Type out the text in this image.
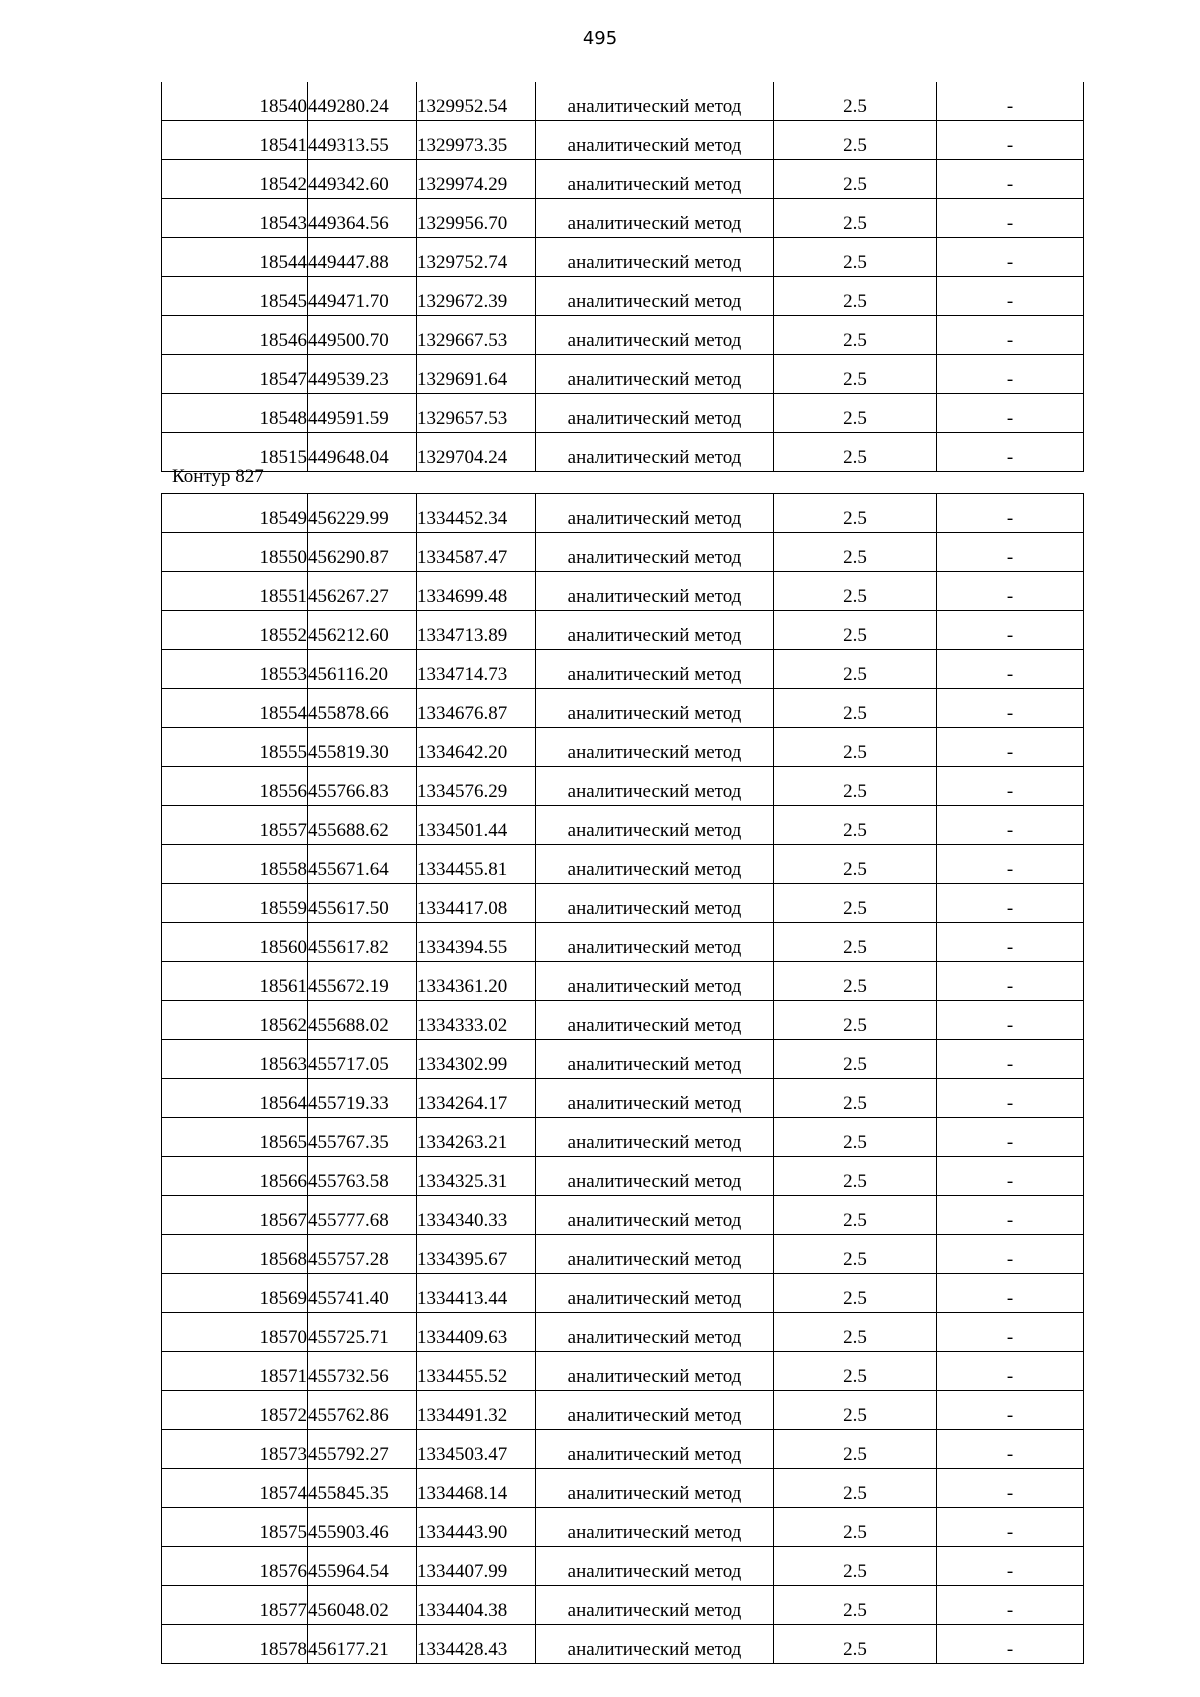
495
18540	449280.24	1329952.54	аналитический метод	2.5	-
18541	449313.55	1329973.35	аналитический метод	2.5	-
18542	449342.60	1329974.29	аналитический метод	2.5	-
18543	449364.56	1329956.70	аналитический метод	2.5	-
18544	449447.88	1329752.74	аналитический метод	2.5	-
18545	449471.70	1329672.39	аналитический метод	2.5	-
18546	449500.70	1329667.53	аналитический метод	2.5	-
18547	449539.23	1329691.64	аналитический метод	2.5	-
18548	449591.59	1329657.53	аналитический метод	2.5	-
18515	449648.04	1329704.24	аналитический метод	2.5	-
Контур 827
18549	456229.99	1334452.34	аналитический метод	2.5	-
18550	456290.87	1334587.47	аналитический метод	2.5	-
18551	456267.27	1334699.48	аналитический метод	2.5	-
18552	456212.60	1334713.89	аналитический метод	2.5	-
18553	456116.20	1334714.73	аналитический метод	2.5	-
18554	455878.66	1334676.87	аналитический метод	2.5	-
18555	455819.30	1334642.20	аналитический метод	2.5	-
18556	455766.83	1334576.29	аналитический метод	2.5	-
18557	455688.62	1334501.44	аналитический метод	2.5	-
18558	455671.64	1334455.81	аналитический метод	2.5	-
18559	455617.50	1334417.08	аналитический метод	2.5	-
18560	455617.82	1334394.55	аналитический метод	2.5	-
18561	455672.19	1334361.20	аналитический метод	2.5	-
18562	455688.02	1334333.02	аналитический метод	2.5	-
18563	455717.05	1334302.99	аналитический метод	2.5	-
18564	455719.33	1334264.17	аналитический метод	2.5	-
18565	455767.35	1334263.21	аналитический метод	2.5	-
18566	455763.58	1334325.31	аналитический метод	2.5	-
18567	455777.68	1334340.33	аналитический метод	2.5	-
18568	455757.28	1334395.67	аналитический метод	2.5	-
18569	455741.40	1334413.44	аналитический метод	2.5	-
18570	455725.71	1334409.63	аналитический метод	2.5	-
18571	455732.56	1334455.52	аналитический метод	2.5	-
18572	455762.86	1334491.32	аналитический метод	2.5	-
18573	455792.27	1334503.47	аналитический метод	2.5	-
18574	455845.35	1334468.14	аналитический метод	2.5	-
18575	455903.46	1334443.90	аналитический метод	2.5	-
18576	455964.54	1334407.99	аналитический метод	2.5	-
18577	456048.02	1334404.38	аналитический метод	2.5	-
18578	456177.21	1334428.43	аналитический метод	2.5	-
